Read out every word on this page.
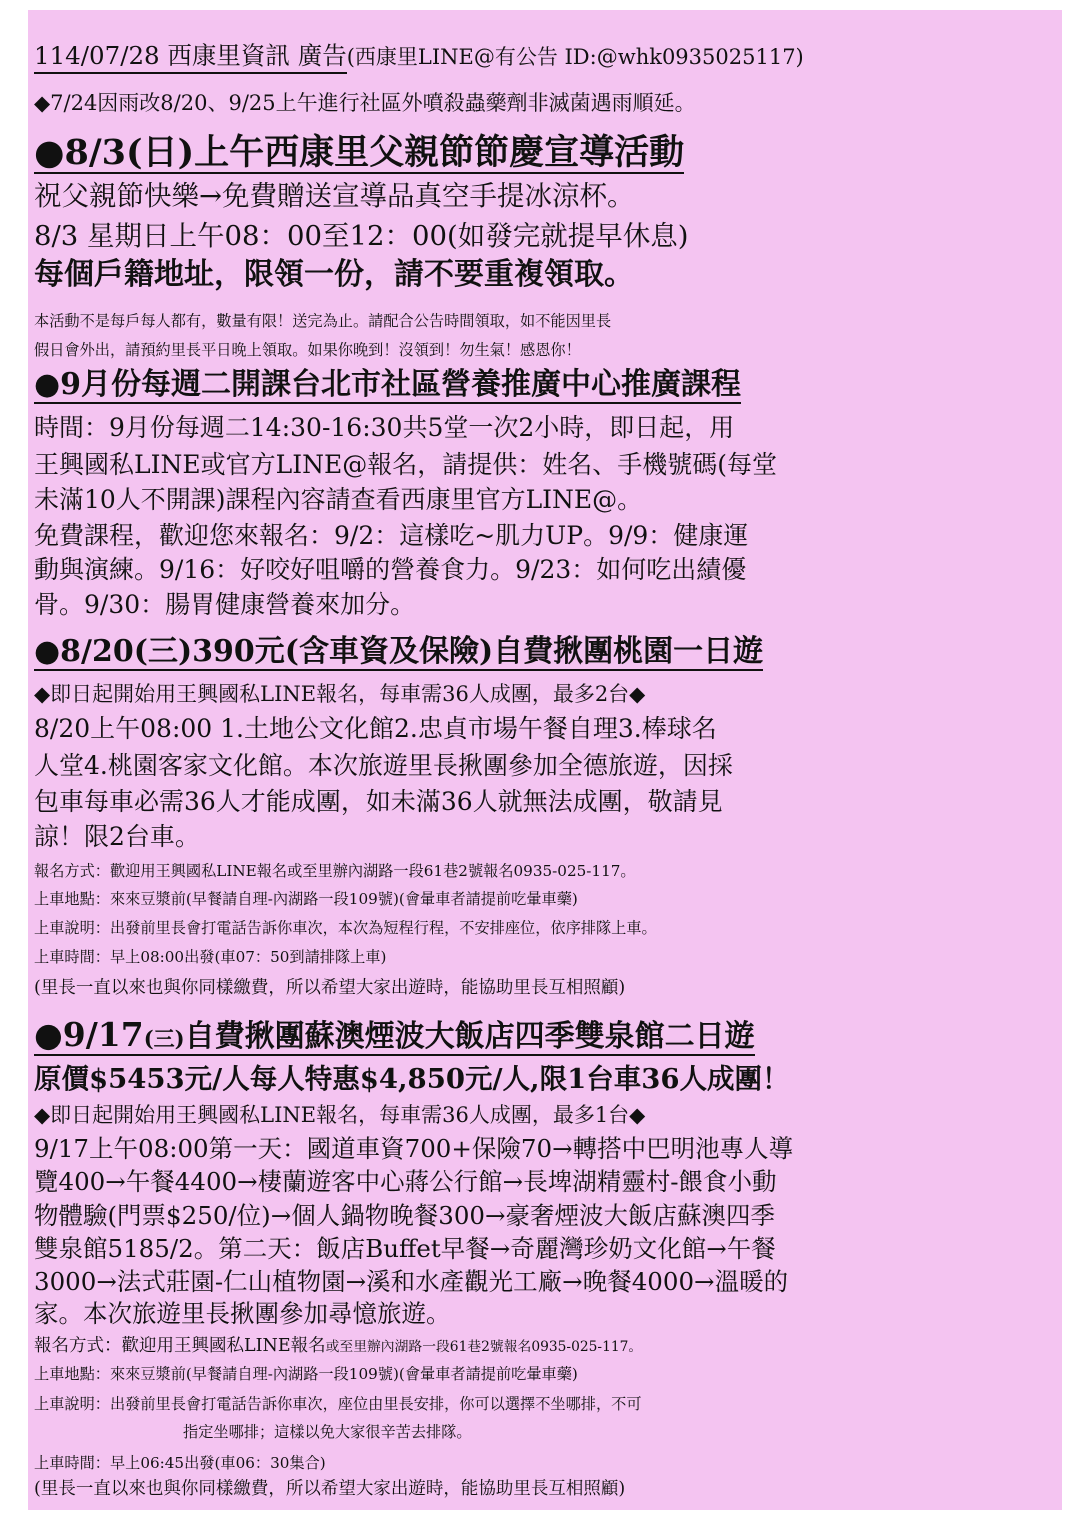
114/07/28 西康里資訊 廣告(西康里LINE@有公告 ID:@whk0935025117)
◆7/24因雨改8/20、9/25上午進行社區外噴殺蟲藥劑非滅菌遇雨順延。
●8/3(日)上午西康里父親節節慶宣導活動
祝父親節快樂→免費贈送宣導品真空手提冰涼杯。
8/3 星期日上午08：00至12：00(如發完就提早休息)
每個戶籍地址，限領一份，請不要重複領取。
本活動不是每戶每人都有，數量有限！送完為止。請配合公告時間領取，如不能因里長
假日會外出，請預約里長平日晚上領取。如果你晚到！沒領到！勿生氣！感恩你！
●9月份每週二開課台北市社區營養推廣中心推廣課程
時間：9月份每週二14:30-16:30共5堂一次2小時，即日起，用
王興國私LINE或官方LINE@報名，請提供：姓名、手機號碼(每堂
未滿10人不開課)課程內容請查看西康里官方LINE@。
免費課程，歡迎您來報名：9/2：這樣吃~肌力UP。9/9：健康運
動與演練。9/16：好咬好咀嚼的營養食力。9/23：如何吃出績優
骨。9/30：腸胃健康營養來加分。
●8/20(三)390元(含車資及保險)自費揪團桃園一日遊
◆即日起開始用王興國私LINE報名，每車需36人成團，最多2台◆
8/20上午08:00 1.土地公文化館2.忠貞市場午餐自理3.棒球名
人堂4.桃園客家文化館。本次旅遊里長揪團參加全德旅遊，因採
包車每車必需36人才能成團，如未滿36人就無法成團，敬請見
諒！限2台車。
報名方式：歡迎用王興國私LINE報名或至里辦內湖路一段61巷2號報名0935-025-117。
上車地點：來來豆漿前(早餐請自理-內湖路一段109號)(會暈車者請提前吃暈車藥)
上車說明：出發前里長會打電話告訴你車次，本次為短程行程，不安排座位，依序排隊上車。
上車時間：早上08:00出發(車07：50到請排隊上車)
(里長一直以來也與你同樣繳費，所以希望大家出遊時，能協助里長互相照顧)
●9/17(三)自費揪團蘇澳煙波大飯店四季雙泉館二日遊
原價$5453元/人每人特惠$4,850元/人,限1台車36人成團！
◆即日起開始用王興國私LINE報名，每車需36人成團，最多1台◆
9/17上午08:00第一天：國道車資700+保險70→轉搭中巴明池專人導
覽400→午餐4400→棲蘭遊客中心蔣公行館→長埤湖精靈村-餵食小動
物體驗(門票$250/位)→個人鍋物晚餐300→豪奢煙波大飯店蘇澳四季
雙泉館5185/2。第二天：飯店Buffet早餐→奇麗灣珍奶文化館→午餐
3000→法式莊園-仁山植物園→溪和水產觀光工廠→晚餐4000→溫暖的
家。本次旅遊里長揪團參加尋憶旅遊。
報名方式：歡迎用王興國私LINE報名或至里辦內湖路一段61巷2號報名0935-025-117。
上車地點：來來豆漿前(早餐請自理-內湖路一段109號)(會暈車者請提前吃暈車藥)
上車說明：出發前里長會打電話告訴你車次，座位由里長安排，你可以選擇不坐哪排，不可
指定坐哪排；這樣以免大家很辛苦去排隊。
上車時間：早上06:45出發(車06：30集合)
(里長一直以來也與你同樣繳費，所以希望大家出遊時，能協助里長互相照顧)
